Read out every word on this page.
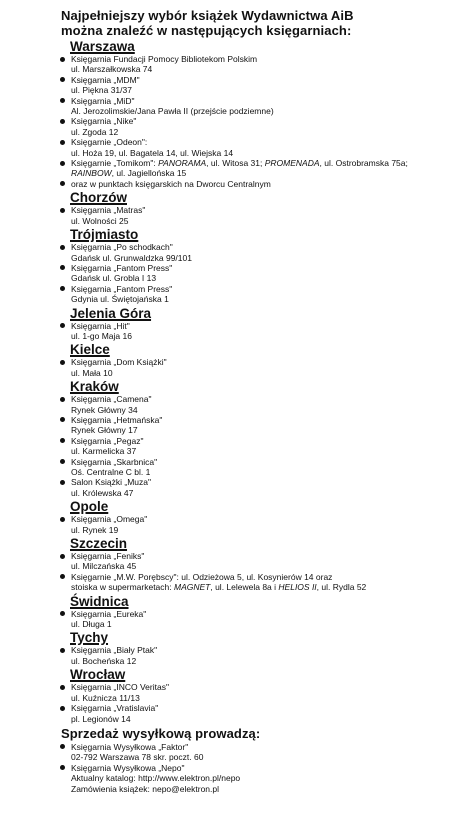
Najpełniejszy wybór książek Wydawnictwa AiB
można znaleźć w następujących księgarniach:
Warszawa
Księgarnia Fundacji Pomocy Bibliotekom Polskim
ul. Marszałkowska 74
Księgarnia „MDM"
ul. Piękna 31/37
Księgarnia „MiD"
Al. Jerozolimskie/Jana Pawła II (przejście podziemne)
Księgarnia „Nike"
ul. Zgoda 12
Księgarnie „Odeon":
ul. Hoża 19, ul. Bagatela 14, ul. Wiejska 14
Księgarnie „Tomikom": PANORAMA, ul. Witosa 31; PROMENADA, ul. Ostrobramska 75a;
RAINBOW, ul. Jagiellońska 15
oraz w punktach księgarskich na Dworcu Centralnym
Chorzów
Księgarnia „Matras"
ul. Wolności 25
Trójmiasto
Księgarnia „Po schodkach"
Gdańsk ul. Grunwaldzka 99/101
Księgarnia „Fantom Press"
Gdańsk ul. Grobla I 13
Księgarnia „Fantom Press"
Gdynia ul. Świętojańska 1
Jelenia Góra
Księgarnia „Hit"
ul. 1-go Maja 16
Kielce
Księgarnia „Dom Książki"
ul. Mała 10
Kraków
Księgarnia „Camena"
Rynek Główny 34
Księgarnia „Hetmańska"
Rynek Główny 17
Księgarnia „Pegaz"
ul. Karmelicka 37
Księgarnia „Skarbnica"
Oś. Centralne C bl. 1
Salon Książki „Muza"
ul. Królewska 47
Opole
Księgarnia „Omega"
ul. Rynek 19
Szczecin
Księgarnia „Feniks"
ul. Milczańska 45
Księgarnie „M.W. Porębscy": ul. Odzieżowa 5, ul. Kosynierów 14 oraz
stoiska w supermarketach: MAGNET, ul. Lelewela 8a i HELIOS II, ul. Rydla 52
Świdnica
Księgarnia „Eureka"
ul. Długa 1
Tychy
Księgarnia „Biały Ptak"
ul. Bocheńska 12
Wrocław
Księgarnia „INCO Veritas"
ul. Kuźnicza 11/13
Księgarnia „Vratislavia"
pl. Legionów 14
Sprzedaż wysyłkową prowadzą:
Księgarnia Wysyłkowa „Faktor"
02-792 Warszawa 78 skr. poczt. 60
Księgarnia Wysyłkowa „Nepo"
Aktualny katalog: http://www.elektron.pl/nepo
Zamówienia książek: nepo@elektron.pl
